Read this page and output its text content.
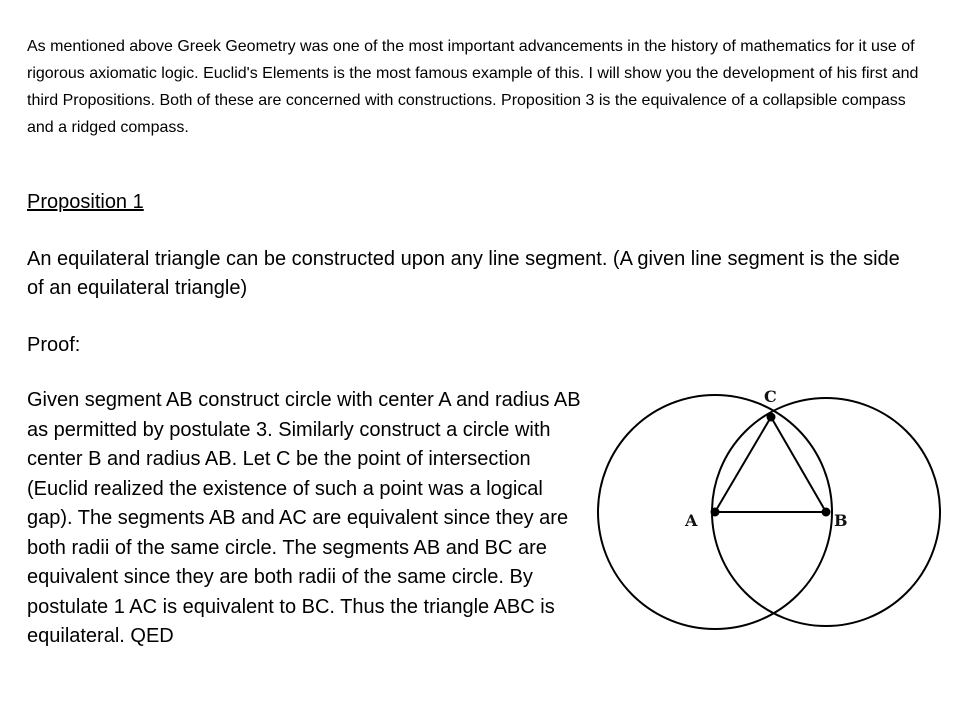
As mentioned above Greek Geometry was one of the most important advancements in the history of mathematics for it use of rigorous axiomatic logic. Euclid's Elements is the most famous example of this. I will show you the development of his first and third Propositions. Both of these are concerned with constructions. Proposition 3 is the equivalence of a collapsible compass and a ridged compass.

Proposition 1

An equilateral triangle can be constructed upon any line segment. (A given line segment is the side of an equilateral triangle)

Proof:

Given segment AB construct circle with center A and radius AB as permitted by postulate 3. Similarly construct a circle with center B and radius AB. Let C be the point of intersection (Euclid realized the existence of such a point was a logical gap). The segments AB and AC are equivalent since they are both radii of the same circle. The segments AB and BC are equivalent since they are both radii of the same circle. By postulate 1 AC is equivalent to BC. Thus the triangle ABC is equilateral. QED

A	B
C
